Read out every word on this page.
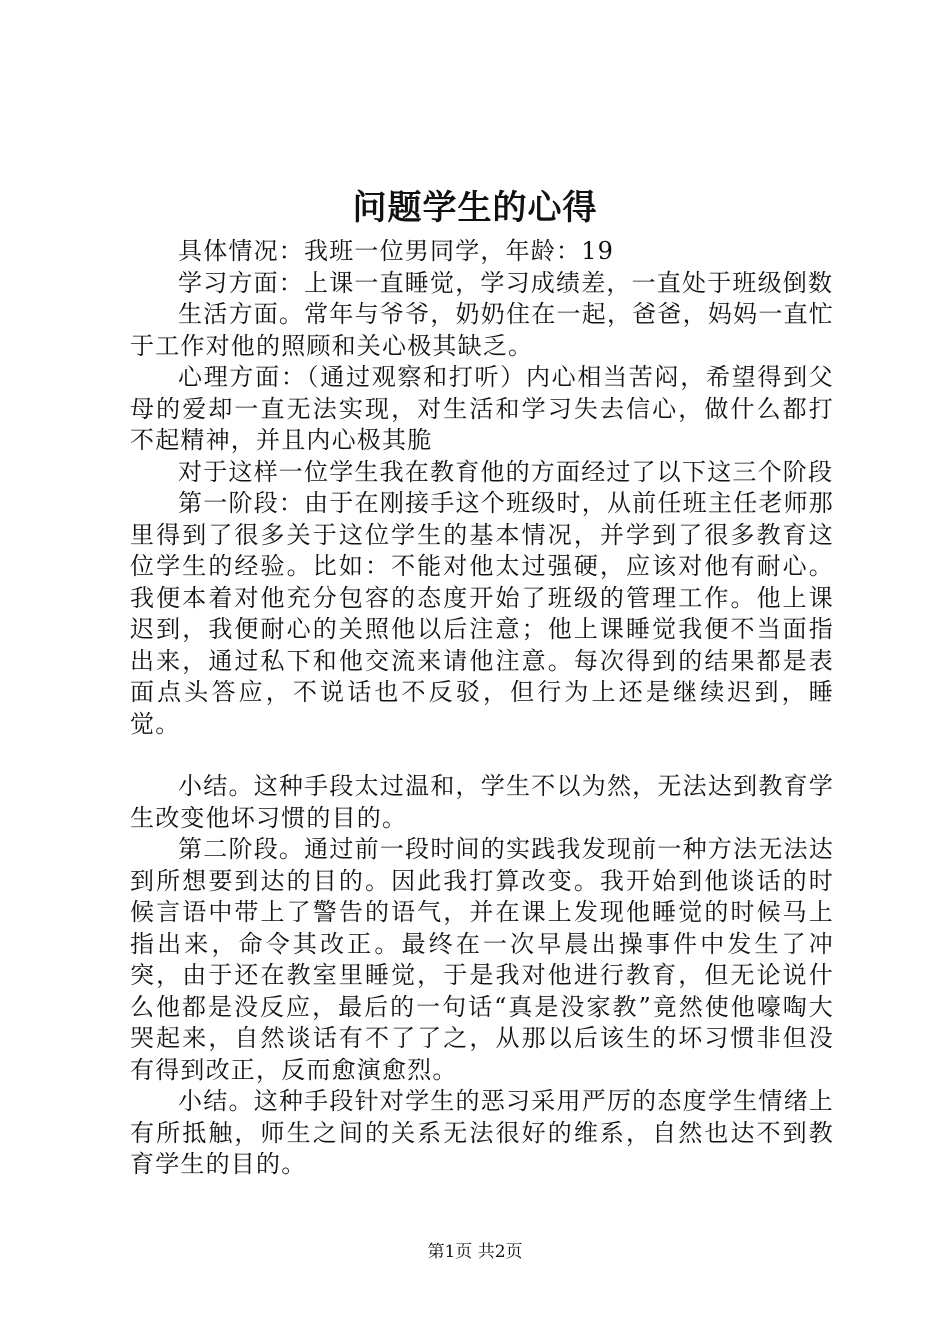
问题学生的心得

具体情况：我班一位男同学，年龄：19

学习方面：上课一直睡觉，学习成绩差，一直处于班级倒数

生活方面。常年与爷爷，奶奶住在一起，爸爸，妈妈一直忙于工作对他的照顾和关心极其缺乏。

心理方面：（通过观察和打听）内心相当苦闷，希望得到父母的爱却一直无法实现，对生活和学习失去信心，做什么都打不起精神，并且内心极其脆

对于这样一位学生我在教育他的方面经过了以下这三个阶段

第一阶段：由于在刚接手这个班级时，从前任班主任老师那里得到了很多关于这位学生的基本情况，并学到了很多教育这位学生的经验。比如：不能对他太过强硬，应该对他有耐心。我便本着对他充分包容的态度开始了班级的管理工作。他上课迟到，我便耐心的关照他以后注意；他上课睡觉我便不当面指出来，通过私下和他交流来请他注意。每次得到的结果都是表面点头答应，不说话也不反驳，但行为上还是继续迟到，睡觉。

小结。这种手段太过温和，学生不以为然，无法达到教育学生改变他坏习惯的目的。

第二阶段。通过前一段时间的实践我发现前一种方法无法达到所想要到达的目的。因此我打算改变。我开始到他谈话的时候言语中带上了警告的语气，并在课上发现他睡觉的时候马上指出来，命令其改正。最终在一次早晨出操事件中发生了冲突，由于还在教室里睡觉，于是我对他进行教育，但无论说什么他都是没反应，最后的一句话“真是没家教”竟然使他嚎啕大哭起来，自然谈话有不了了之，从那以后该生的坏习惯非但没有得到改正，反而愈演愈烈。

小结。这种手段针对学生的恶习采用严厉的态度学生情绪上有所抵触，师生之间的关系无法很好的维系，自然也达不到教育学生的目的。

第1页 共2页
